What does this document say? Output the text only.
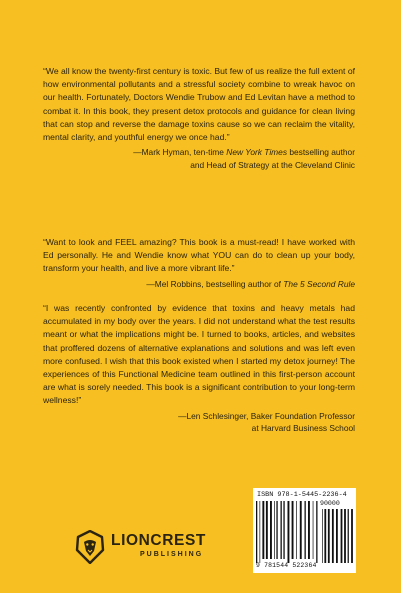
“We all know the twenty-first century is toxic. But few of us realize the full extent of how environmental pollutants and a stressful society combine to wreak havoc on our health. Fortunately, Doctors Wendie Trubow and Ed Levitan have a method to combat it. In this book, they present detox protocols and guidance for clean living that can stop and reverse the damage toxins cause so we can reclaim the vitality, mental clarity, and youthful energy we once had.”

—Mark Hyman, ten-time New York Times bestselling author
and Head of Strategy at the Cleveland Clinic

“Want to look and FEEL amazing? This book is a must-read! I have worked with Ed personally. He and Wendie know what YOU can do to clean up your body, transform your health, and live a more vibrant life.”

—Mel Robbins, bestselling author of The 5 Second Rule

“I was recently confronted by evidence that toxins and heavy metals had accumulated in my body over the years. I did not understand what the test results meant or what the implications might be. I turned to books, articles, and websites that proffered dozens of alternative explanations and solutions and was left even more confused. I wish that this book existed when I started my detox journey! The experiences of this Functional Medicine team outlined in this first-person account are what is sorely needed. This book is a significant contribution to your long-term wellness!”

—Len Schlesinger, Baker Foundation Professor
at Harvard Business School

LIONCREST
PUBLISHING
ISBN 978-1-5445-2236-4
90000
9 781544 522364
